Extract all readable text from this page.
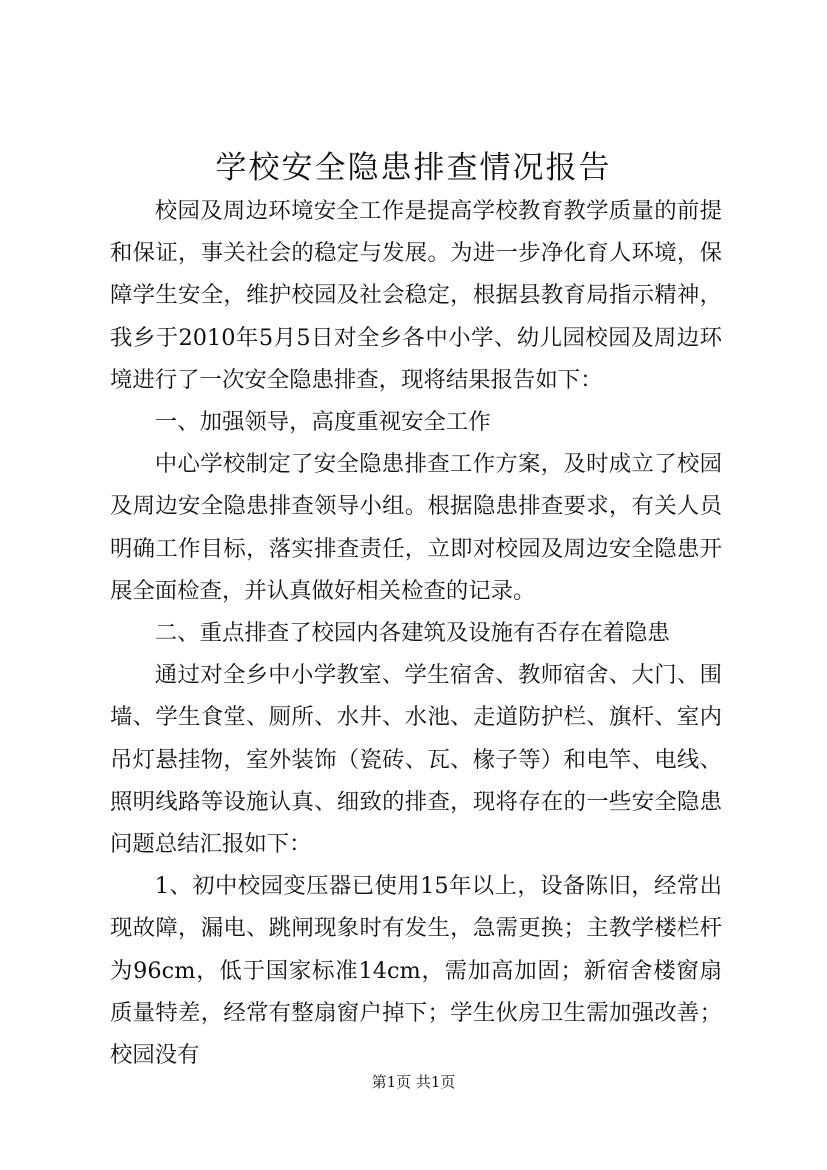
学校安全隐患排查情况报告

校园及周边环境安全工作是提高学校教育教学质量的前提和保证，事关社会的稳定与发展。为进一步净化育人环境，保障学生安全，维护校园及社会稳定，根据县教育局指示精神，我乡于2010年5月5日对全乡各中小学、幼儿园校园及周边环境进行了一次安全隐患排查，现将结果报告如下：

一、加强领导，高度重视安全工作

中心学校制定了安全隐患排查工作方案，及时成立了校园及周边安全隐患排查领导小组。根据隐患排查要求，有关人员明确工作目标，落实排查责任，立即对校园及周边安全隐患开展全面检查，并认真做好相关检查的记录。

二、重点排查了校园内各建筑及设施有否存在着隐患

通过对全乡中小学教室、学生宿舍、教师宿舍、大门、围墙、学生食堂、厕所、水井、水池、走道防护栏、旗杆、室内吊灯悬挂物，室外装饰（瓷砖、瓦、椽子等）和电竿、电线、照明线路等设施认真、细致的排查，现将存在的一些安全隐患问题总结汇报如下：

1、初中校园变压器已使用15年以上，设备陈旧，经常出现故障，漏电、跳闸现象时有发生，急需更换；主教学楼栏杆为96cm，低于国家标准14cm，需加高加固；新宿舍楼窗扇质量特差，经常有整扇窗户掉下；学生伙房卫生需加强改善；校园没有

第1页 共1页
